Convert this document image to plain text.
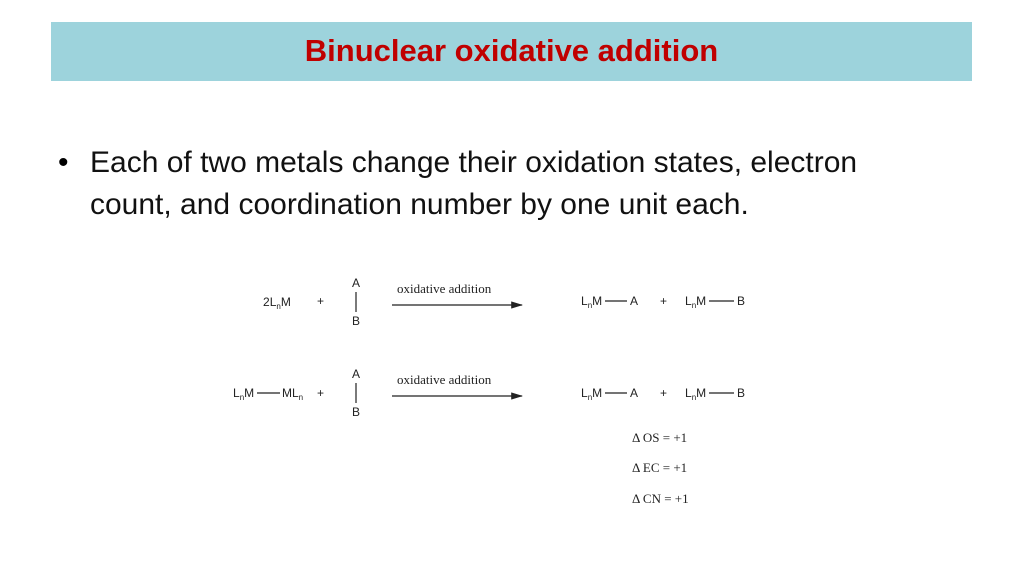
Binuclear oxidative addition
• Each of two metals change their oxidation states, electron count, and coordination number by one unit each.
$2L_nM$ +
A
B
oxidative addition
$L_nM$ $A + L_nM$	B
$L_nM$ $ML_n$ +
A
B
oxidative addition
$L_nM$ $A + L_nM$	B
Δ OS = +1
Δ EC = +1
Δ CN = +1
